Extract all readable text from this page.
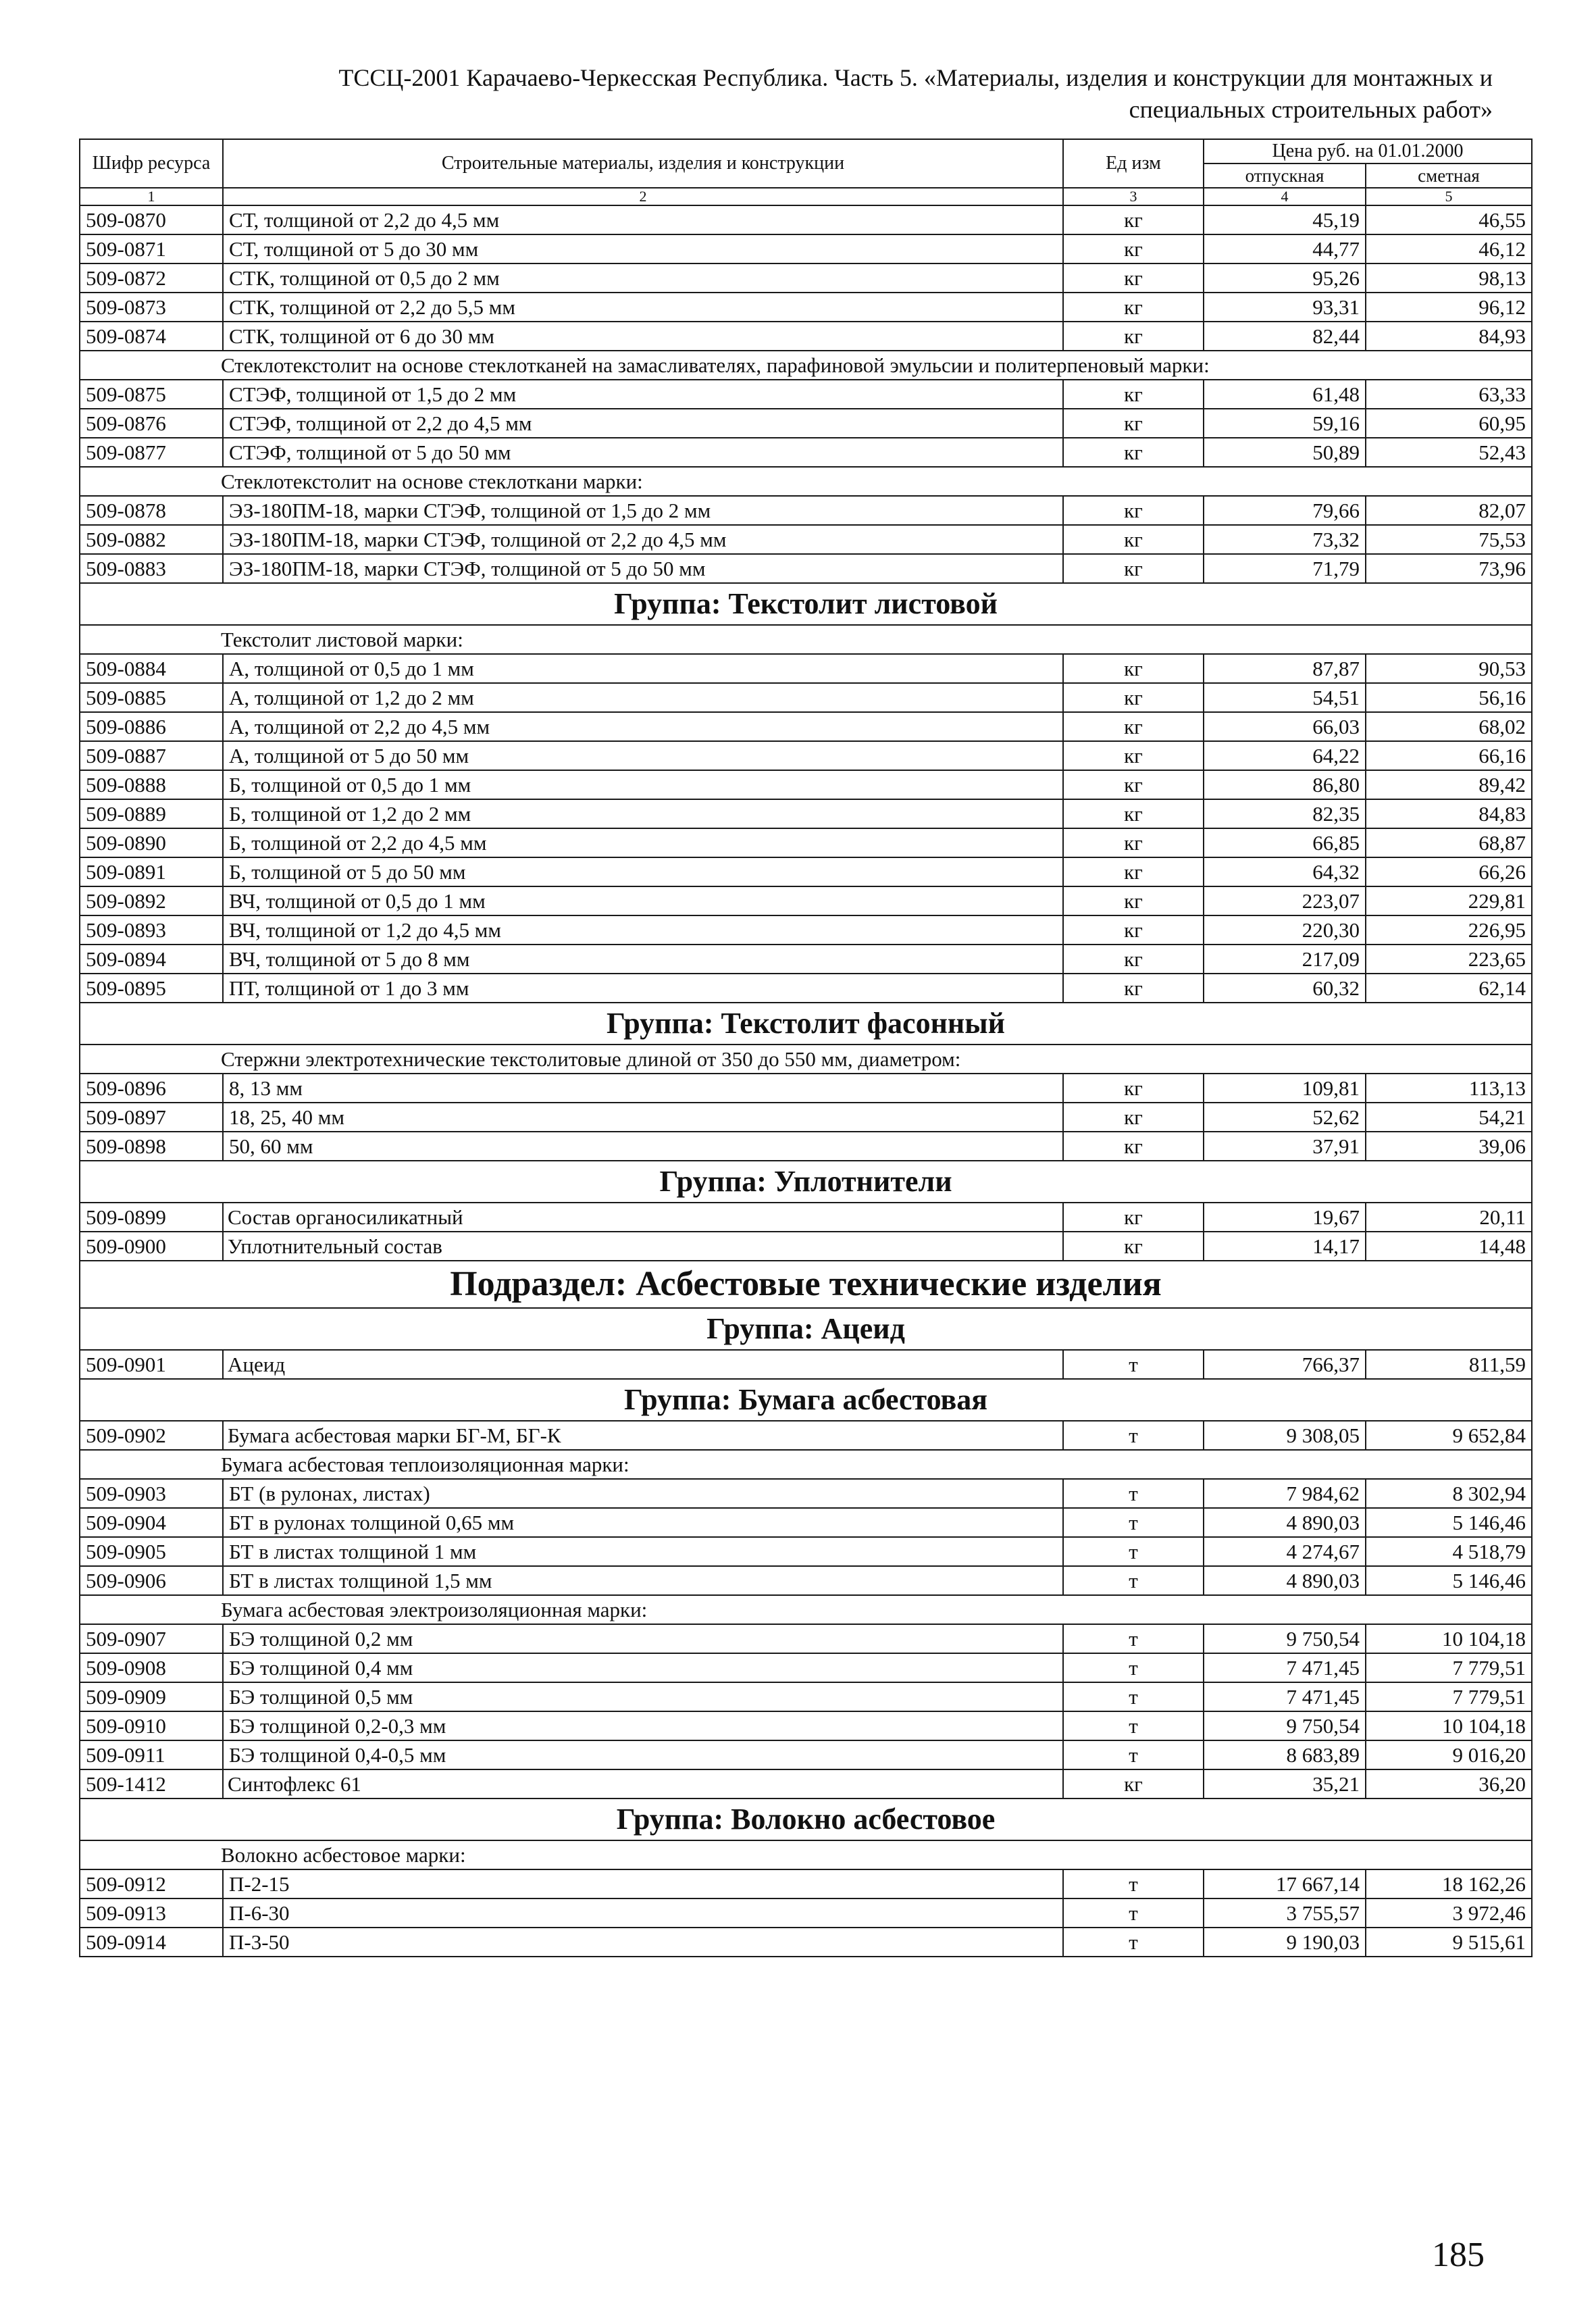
ТССЦ-2001 Карачаево-Черкесская Республика. Часть 5. «Материалы, изделия и конструкции для монтажных и
специальных строительных работ»
Шифр ресурса	Строительные материалы, изделия и конструкции	Ед изм	Цена руб. на 01.01.2000	
			отпускная	сметная
1	2	3	4	5
509-0870	СТ, толщиной от 2,2 до 4,5 мм	кг	45,19	46,55
509-0871	СТ, толщиной от 5 до 30 мм	кг	44,77	46,12
509-0872	СТК, толщиной от 0,5 до 2 мм	кг	95,26	98,13
509-0873	СТК, толщиной от 2,2 до 5,5 мм	кг	93,31	96,12
509-0874	СТК, толщиной от 6 до 30 мм	кг	82,44	84,93
Стеклотекстолит на основе стеклотканей на замасливателях, парафиновой эмульсии и политерпеновый марки:				
509-0875	СТЭФ, толщиной от 1,5 до 2 мм	кг	61,48	63,33
509-0876	СТЭФ, толщиной от 2,2 до 4,5 мм	кг	59,16	60,95
509-0877	СТЭФ, толщиной от 5 до 50 мм	кг	50,89	52,43
Стеклотекстолит на основе стеклоткани марки:				
509-0878	ЭЗ-180ПМ-18, марки СТЭФ, толщиной от 1,5 до 2 мм	кг	79,66	82,07
509-0882	ЭЗ-180ПМ-18, марки СТЭФ, толщиной от 2,2 до 4,5 мм	кг	73,32	75,53
509-0883	ЭЗ-180ПМ-18, марки СТЭФ, толщиной от 5 до 50 мм	кг	71,79	73,96
Группа: Текстолит листовой				
Текстолит листовой марки:				
509-0884	А, толщиной от 0,5 до 1 мм	кг	87,87	90,53
509-0885	А, толщиной от 1,2 до 2 мм	кг	54,51	56,16
509-0886	А, толщиной от 2,2 до 4,5 мм	кг	66,03	68,02
509-0887	А, толщиной от 5 до 50 мм	кг	64,22	66,16
509-0888	Б, толщиной от 0,5 до 1 мм	кг	86,80	89,42
509-0889	Б, толщиной от 1,2 до 2 мм	кг	82,35	84,83
509-0890	Б, толщиной от 2,2 до 4,5 мм	кг	66,85	68,87
509-0891	Б, толщиной от 5 до 50 мм	кг	64,32	66,26
509-0892	ВЧ, толщиной от 0,5 до 1 мм	кг	223,07	229,81
509-0893	ВЧ, толщиной от 1,2 до 4,5 мм	кг	220,30	226,95
509-0894	ВЧ, толщиной от 5 до 8 мм	кг	217,09	223,65
509-0895	ПТ, толщиной от 1 до 3 мм	кг	60,32	62,14
Группа: Текстолит фасонный				
Стержни электротехнические текстолитовые длиной от 350 до 550 мм, диаметром:				
509-0896	8, 13 мм	кг	109,81	113,13
509-0897	18, 25, 40 мм	кг	52,62	54,21
509-0898	50, 60 мм	кг	37,91	39,06
Группа: Уплотнители				
509-0899	Состав органосиликатный	кг	19,67	20,11
509-0900	Уплотнительный состав	кг	14,17	14,48
Подраздел: Асбестовые технические изделия				
Группа: Ацеид				
509-0901	Ацеид	т	766,37	811,59
Группа: Бумага асбестовая				
509-0902	Бумага асбестовая марки БГ-М, БГ-К	т	9 308,05	9 652,84
Бумага асбестовая теплоизоляционная марки:				
509-0903	БТ (в рулонах, листах)	т	7 984,62	8 302,94
509-0904	БТ в рулонах толщиной 0,65 мм	т	4 890,03	5 146,46
509-0905	БТ в листах толщиной 1 мм	т	4 274,67	4 518,79
509-0906	БТ в листах толщиной 1,5 мм	т	4 890,03	5 146,46
Бумага асбестовая электроизоляционная марки:				
509-0907	БЭ толщиной 0,2 мм	т	9 750,54	10 104,18
509-0908	БЭ толщиной 0,4 мм	т	7 471,45	7 779,51
509-0909	БЭ толщиной 0,5 мм	т	7 471,45	7 779,51
509-0910	БЭ толщиной 0,2-0,3 мм	т	9 750,54	10 104,18
509-0911	БЭ толщиной 0,4-0,5 мм	т	8 683,89	9 016,20
509-1412	Синтофлекс 61	кг	35,21	36,20
Группа: Волокно асбестовое				
Волокно асбестовое марки:				
509-0912	П-2-15	т	17 667,14	18 162,26
509-0913	П-6-30	т	3 755,57	3 972,46
509-0914	П-3-50	т	9 190,03	9 515,61
185
